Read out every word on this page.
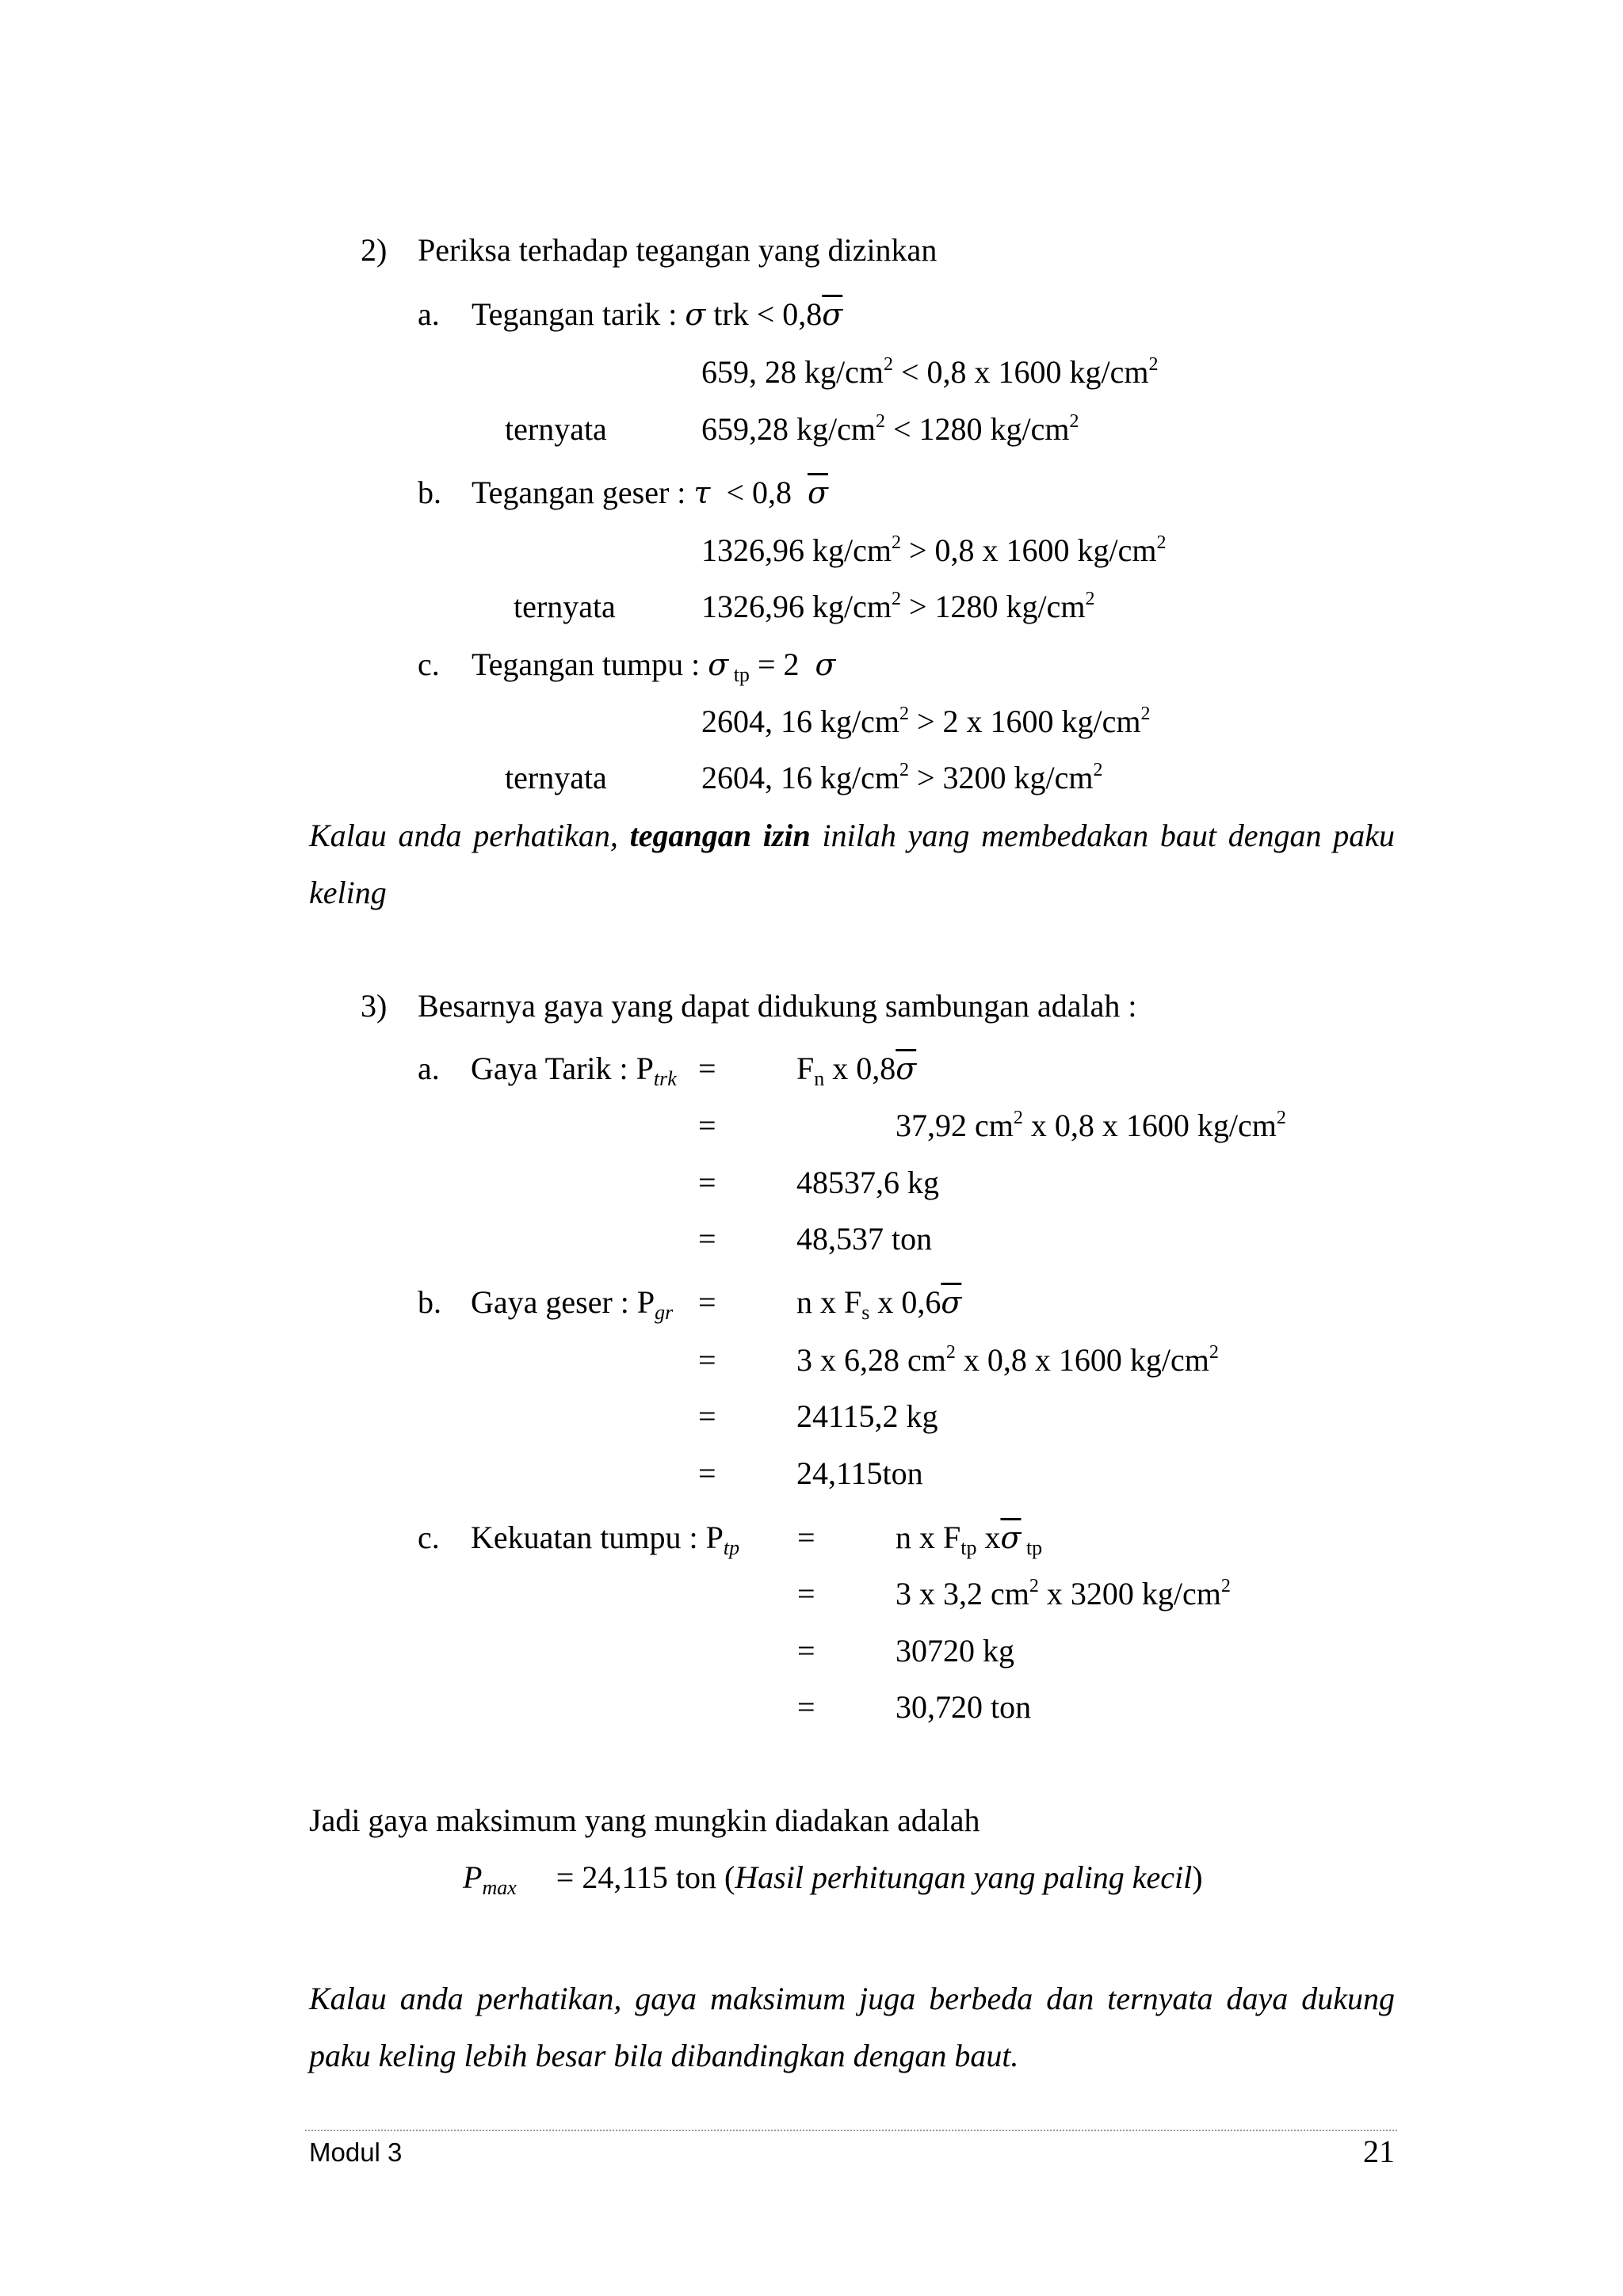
2) Periksa terhadap tegangan yang dizinkan
a. Tegangan tarik : σ trk < $0,8\overline{\sigma}$
659, 28 $kg/cm^2 < 0,8$ x 1600 $kg/cm^2$
ternyata	659,28 $kg/cm^2 < 1280$ $kg/cm^2$
b. Tegangan geser : τ  < 0,8  $\overline{\sigma}$
1326,96 $kg/cm^2 > 0,8$ x 1600 $kg/cm^2$
ternyata	1326,96 $kg/cm^2 > 1280$ $kg/cm^2$
c. Tegangan tumpu : σ $_{tp}$ = 2  σ
2604, 16 $kg/cm^2 > 2$ x 1600 $kg/cm^2$
ternyata	2604, 16 $kg/cm^2 > 3200$ $kg/cm^2$
Kalau anda perhatikan, tegangan izin inilah yang membedakan baut dengan paku keling
3) Besarnya gaya yang dapat didukung sambungan adalah :
a. Gaya Tarik : $P_{trk}$ =	$F_n$ x $0,8\overline{\sigma}$
=	37,92 $cm^2$ x 0,8 x 1600 $kg/cm^2$
=	48537,6 kg
=	48,537 ton
b. Gaya geser : $P_{gr}$ =	n x $F_s$ x $0,6\overline{\sigma}$
=	3 x 6,28 $cm^2$ x 0,8 x 1600 $kg/cm^2$
=	24115,2 kg
=	24,115ton
c. Kekuatan tumpu : $P_{tp}$ =	n x $F_{tp}$ $x\overline{\sigma}$ $_{tp}$
=	3 x 3,2 $cm^2$ x 3200 $kg/cm^2$
=	30720 kg
=	30,720 ton
Jadi gaya maksimum yang mungkin diadakan adalah
$P_{max} = 24,115$ ton (Hasil perhitungan yang paling kecil)
Kalau anda perhatikan, gaya maksimum juga berbeda dan ternyata daya dukung paku keling lebih besar bila dibandingkan dengan baut.
Modul 3	21
